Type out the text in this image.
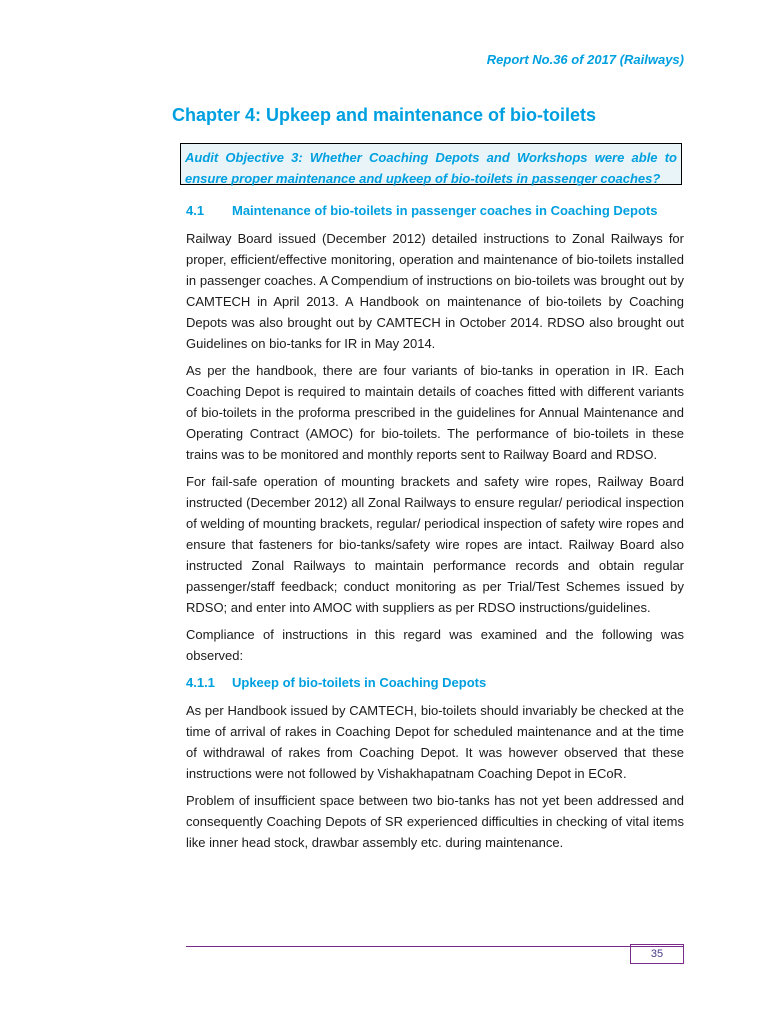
Report No.36 of 2017 (Railways)
Chapter 4: Upkeep and maintenance of bio-toilets
Audit Objective 3: Whether Coaching Depots and Workshops were able to ensure proper maintenance and upkeep of bio-toilets in passenger coaches?
4.1	Maintenance of bio-toilets in passenger coaches in Coaching Depots

Railway Board issued (December 2012) detailed instructions to Zonal Railways for proper, efficient/effective monitoring, operation and maintenance of bio-toilets installed in passenger coaches. A Compendium of instructions on bio-toilets was brought out by CAMTECH in April 2013. A Handbook on maintenance of bio-toilets by Coaching Depots was also brought out by CAMTECH in October 2014. RDSO also brought out Guidelines on bio-tanks for IR in May 2014.

As per the handbook, there are four variants of bio-tanks in operation in IR. Each Coaching Depot is required to maintain details of coaches fitted with different variants of bio-toilets in the proforma prescribed in the guidelines for Annual Maintenance and Operating Contract (AMOC) for bio-toilets. The performance of bio-toilets in these trains was to be monitored and monthly reports sent to Railway Board and RDSO.

For fail-safe operation of mounting brackets and safety wire ropes, Railway Board instructed (December 2012) all Zonal Railways to ensure regular/ periodical inspection of welding of mounting brackets, regular/ periodical inspection of safety wire ropes and ensure that fasteners for bio-tanks/safety wire ropes are intact. Railway Board also instructed Zonal Railways to maintain performance records and obtain regular passenger/staff feedback; conduct monitoring as per Trial/Test Schemes issued by RDSO; and enter into AMOC with suppliers as per RDSO instructions/guidelines.

Compliance of instructions in this regard was examined and the following was observed:

4.1.1	Upkeep of bio-toilets in Coaching Depots

As per Handbook issued by CAMTECH, bio-toilets should invariably be checked at the time of arrival of rakes in Coaching Depot for scheduled maintenance and at the time of withdrawal of rakes from Coaching Depot. It was however observed that these instructions were not followed by Vishakhapatnam Coaching Depot in ECoR.

Problem of insufficient space between two bio-tanks has not yet been addressed and consequently Coaching Depots of SR experienced difficulties in checking of vital items like inner head stock, drawbar assembly etc. during maintenance.

35
